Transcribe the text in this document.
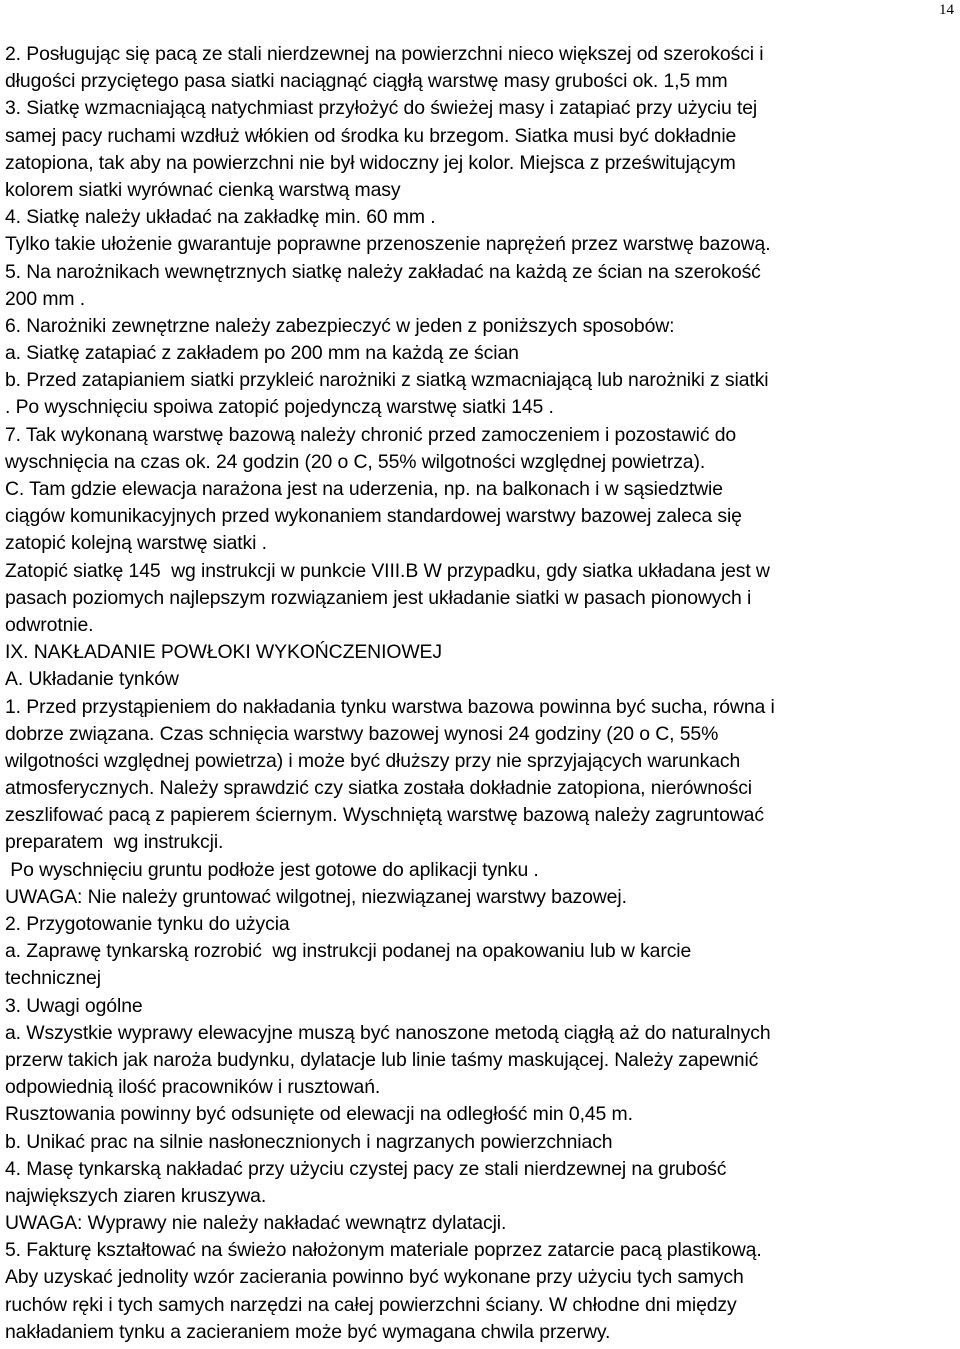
14
2. Posługując się pacą ze stali nierdzewnej na powierzchni nieco większej od szerokości i
długości przyciętego pasa siatki naciągnąć ciągłą warstwę masy grubości ok. 1,5 mm
3. Siatkę wzmacniającą natychmiast przyłożyć do świeżej masy i zatapiać przy użyciu tej
samej pacy ruchami wzdłuż włókien od środka ku brzegom. Siatka musi być dokładnie
zatopiona, tak aby na powierzchni nie był widoczny jej kolor. Miejsca z prześwitującym
kolorem siatki wyrównać cienką warstwą masy
4. Siatkę należy układać na zakładkę min. 60 mm .
Tylko takie ułożenie gwarantuje poprawne przenoszenie naprężeń przez warstwę bazową.
5. Na narożnikach wewnętrznych siatkę należy zakładać na każdą ze ścian na szerokość
200 mm .
6. Narożniki zewnętrzne należy zabezpieczyć w jeden z poniższych sposobów:
a. Siatkę zatapiać z zakładem po 200 mm na każdą ze ścian
b. Przed zatapianiem siatki przykleić narożniki z siatką wzmacniającą lub narożniki z siatki
. Po wyschnięciu spoiwa zatopić pojedynczą warstwę siatki 145 .
7. Tak wykonaną warstwę bazową należy chronić przed zamoczeniem i pozostawić do
wyschnięcia na czas ok. 24 godzin (20 o C, 55% wilgotności względnej powietrza).
C. Tam gdzie elewacja narażona jest na uderzenia, np. na balkonach i w sąsiedztwie
ciągów komunikacyjnych przed wykonaniem standardowej warstwy bazowej zaleca się
zatopić kolejną warstwę siatki .
Zatopić siatkę 145  wg instrukcji w punkcie VIII.B W przypadku, gdy siatka układana jest w
pasach poziomych najlepszym rozwiązaniem jest układanie siatki w pasach pionowych i
odwrotnie.
IX. NAKŁADANIE POWŁOKI WYKOŃCZENIOWEJ
A. Układanie tynków
1. Przed przystąpieniem do nakładania tynku warstwa bazowa powinna być sucha, równa i
dobrze związana. Czas schnięcia warstwy bazowej wynosi 24 godziny (20 o C, 55%
wilgotności względnej powietrza) i może być dłuższy przy nie sprzyjających warunkach
atmosferycznych. Należy sprawdzić czy siatka została dokładnie zatopiona, nierówności
zeszlifować pacą z papierem ściernym. Wyschniętą warstwę bazową należy zagruntować
preparatem  wg instrukcji.
Po wyschnięciu gruntu podłoże jest gotowe do aplikacji tynku .
UWAGA: Nie należy gruntować wilgotnej, niezwiązanej warstwy bazowej.
2. Przygotowanie tynku do użycia
a. Zaprawę tynkarską rozrobić  wg instrukcji podanej na opakowaniu lub w karcie
technicznej
3. Uwagi ogólne
a. Wszystkie wyprawy elewacyjne muszą być nanoszone metodą ciągłą aż do naturalnych
przerw takich jak naroża budynku, dylatacje lub linie taśmy maskującej. Należy zapewnić
odpowiednią ilość pracowników i rusztowań.
Rusztowania powinny być odsunięte od elewacji na odległość min 0,45 m.
b. Unikać prac na silnie nasłonecznionych i nagrzanych powierzchniach
4. Masę tynkarską nakładać przy użyciu czystej pacy ze stali nierdzewnej na grubość
największych ziaren kruszywa.
UWAGA: Wyprawy nie należy nakładać wewnątrz dylatacji.
5. Fakturę kształtować na świeżo nałożonym materiale poprzez zatarcie pacą plastikową.
Aby uzyskać jednolity wzór zacierania powinno być wykonane przy użyciu tych samych
ruchów ręki i tych samych narzędzi na całej powierzchni ściany. W chłodne dni między
nakładaniem tynku a zacieraniem może być wymagana chwila przerwy.
